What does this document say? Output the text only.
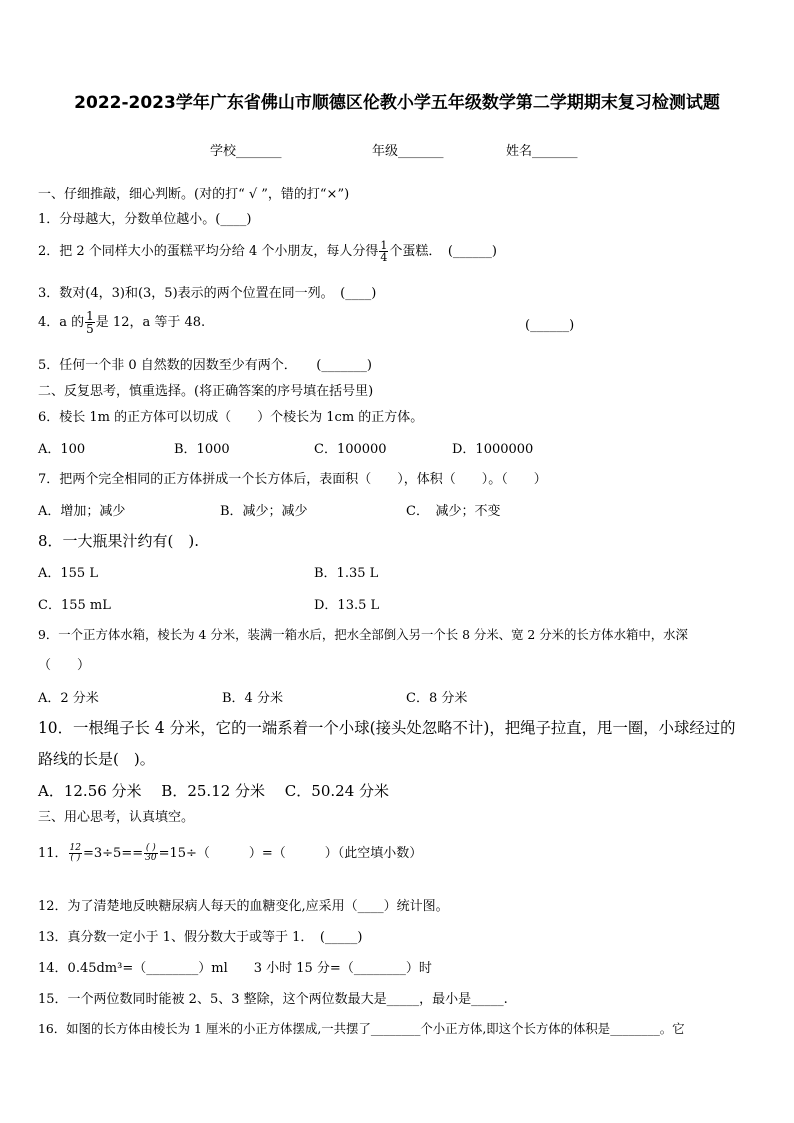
2022-2023学年广东省佛山市顺德区伦教小学五年级数学第二学期期末复习检测试题
学校_______	年级_______	姓名_______
一、仔细推敲，细心判断。(对的打“ √ ”，错的打“×”)
1．分母越大，分数单位越小。(____)
2．把 2 个同样大小的蛋糕平均分给 4 个小朋友，每人分得 $\frac{1}{4}$ 个蛋糕．　(______)
3．数对(4，3)和(3，5)表示的两个位置在同一列。　(____)
4．a 的 $\frac{1}{5}$ 是 12，a 等于 48.	(______)
5．任何一个非 0 自然数的因数至少有两个．　　(_______)
二、反复思考，慎重选择。(将正确答案的序号填在括号里)
6．棱长 1m 的正方体可以切成（　　）个棱长为 1cm 的正方体。
A．100	B．1000	C．100000	D．1000000
7．把两个完全相同的正方体拼成一个长方体后，表面积（　　），体积（　　）。（　　）
A．增加；减少	B．减少；减少	C．　减少；不变
8．一大瓶果汁约有(　).
A．155 L	B．1.35 L
C．155 mL	D．13.5 L
9．一个正方体水箱，棱长为 4 分米，装满一箱水后，把水全部倒入另一个长 8 分米、宽 2 分米的长方体水箱中，水深
（　　）
A．2 分米	B．4 分米	C．8 分米
10．一根绳子长 4 分米，它的一端系着一个小球(接头处忽略不计)，把绳子拉直，甩一圈，小球经过的
路线的长是(　)。
A．12.56 分米　 B．25.12 分米　 C．50.24 分米
三、用心思考，认真填空。
11． $\frac{12}{( )} =3\div 5== \frac{( )}{30} =15\div$（　　　）=（　　　）（此空填小数）
12．为了清楚地反映糖尿病人每天的血糖变化,应采用（____）统计图。
13．真分数一定小于 1、假分数大于或等于 1．　(_____)
14．0.45dm³=（________）ml　　3 小时 15 分=（________）时
15．一个两位数同时能被 2、5、3 整除，这个两位数最大是_____，最小是_____.
16．如图的长方体由棱长为 1 厘米的小正方体摆成,一共摆了________个小正方体,即这个长方体的体积是________。它
